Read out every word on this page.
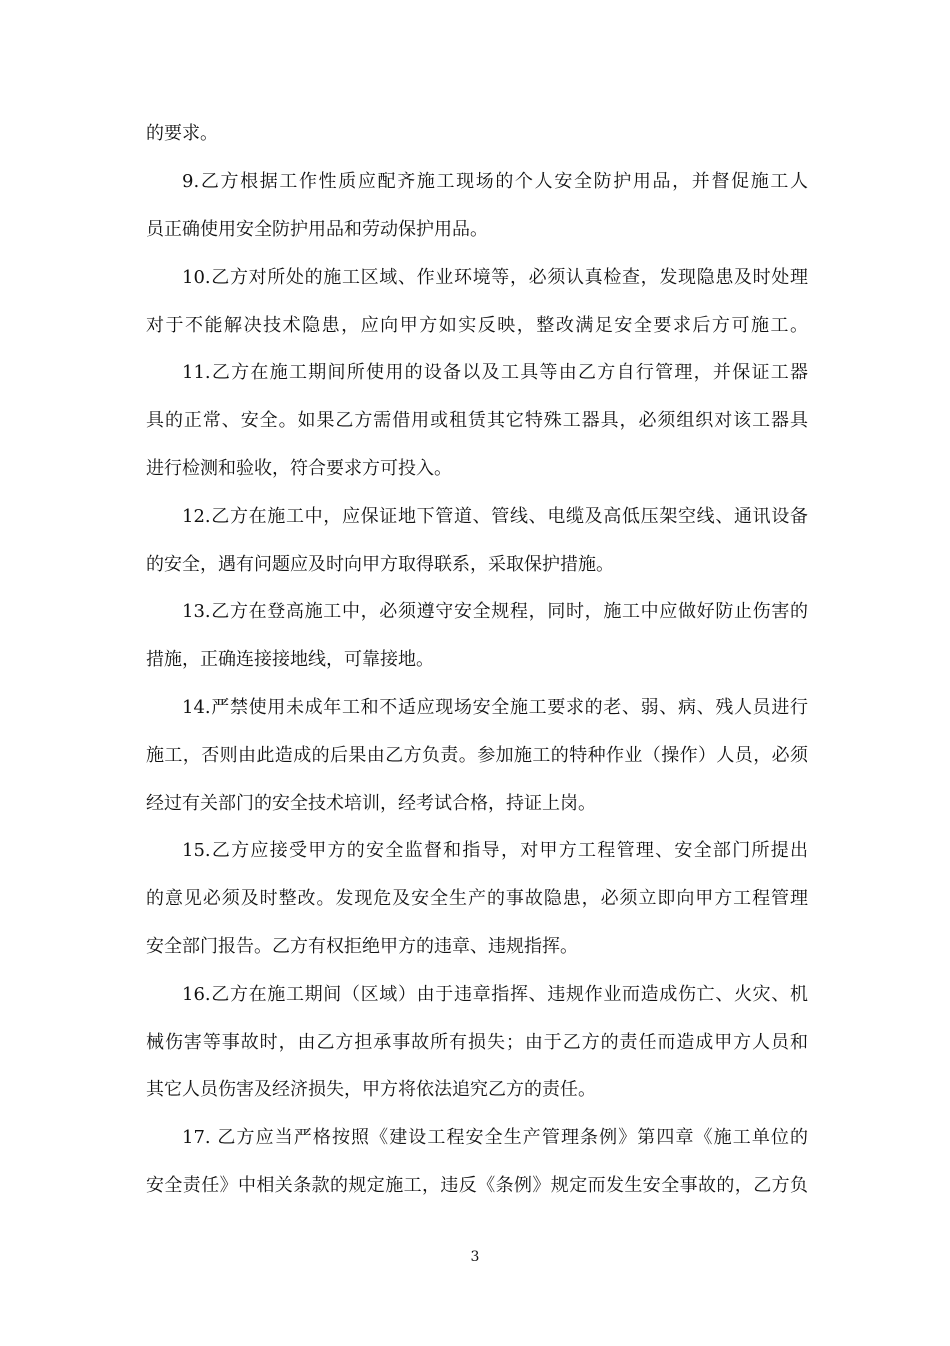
的要求。
9.乙方根据工作性质应配齐施工现场的个人安全防护用品，并督促施工人
员正确使用安全防护用品和劳动保护用品。
10.乙方对所处的施工区域、作业环境等，必须认真检查，发现隐患及时处理
对于不能解决技术隐患，应向甲方如实反映，整改满足安全要求后方可施工。
11.乙方在施工期间所使用的设备以及工具等由乙方自行管理，并保证工器
具的正常、安全。如果乙方需借用或租赁其它特殊工器具，必须组织对该工器具
进行检测和验收，符合要求方可投入。
12.乙方在施工中，应保证地下管道、管线、电缆及高低压架空线、通讯设备
的安全，遇有问题应及时向甲方取得联系，采取保护措施。
13.乙方在登高施工中，必须遵守安全规程，同时，施工中应做好防止伤害的
措施，正确连接接地线，可靠接地。
14.严禁使用未成年工和不适应现场安全施工要求的老、弱、病、残人员进行
施工，否则由此造成的后果由乙方负责。参加施工的特种作业（操作）人员，必须
经过有关部门的安全技术培训，经考试合格，持证上岗。
15.乙方应接受甲方的安全监督和指导，对甲方工程管理、安全部门所提出
的意见必须及时整改。发现危及安全生产的事故隐患，必须立即向甲方工程管理
安全部门报告。乙方有权拒绝甲方的违章、违规指挥。
16.乙方在施工期间（区域）由于违章指挥、违规作业而造成伤亡、火灾、机
械伤害等事故时，由乙方担承事故所有损失；由于乙方的责任而造成甲方人员和
其它人员伤害及经济损失，甲方将依法追究乙方的责任。
17. 乙方应当严格按照《建设工程安全生产管理条例》第四章《施工单位的
安全责任》中相关条款的规定施工，违反《条例》规定而发生安全事故的，乙方负
3
